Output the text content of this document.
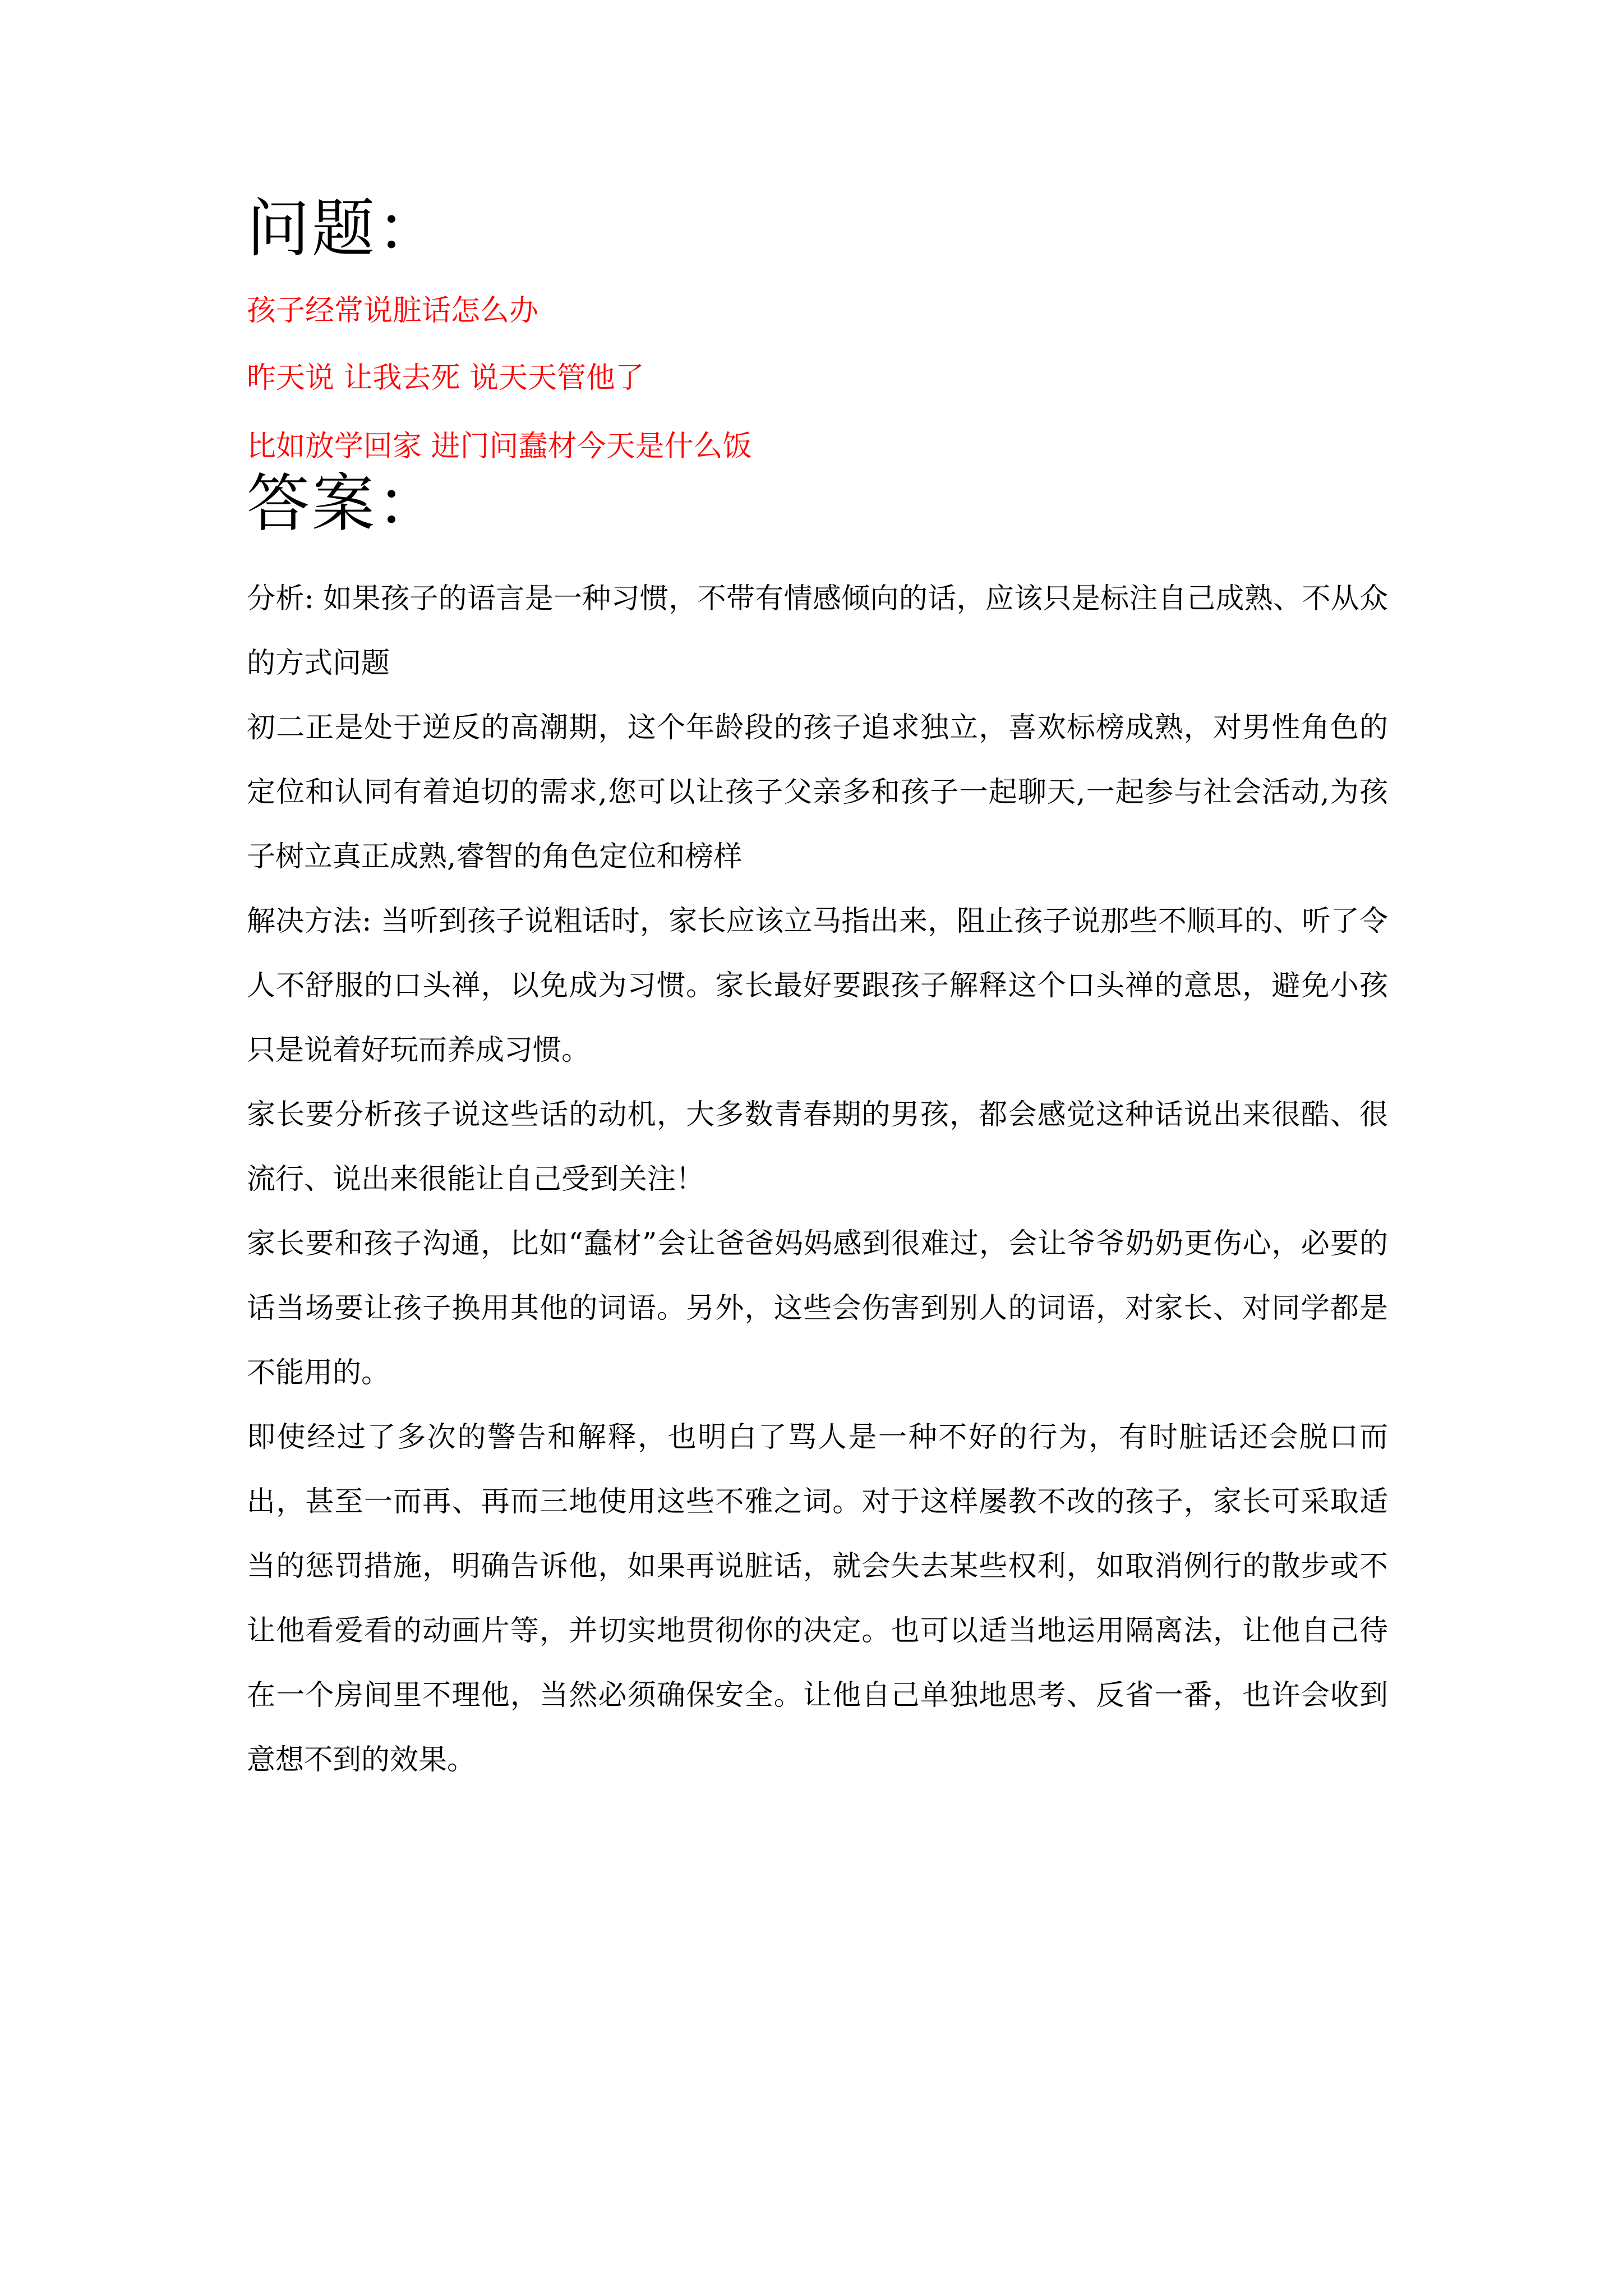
问题：
孩子经常说脏话怎么办
昨天说 让我去死 说天天管他了
比如放学回家 进门问蠢材今天是什么饭
答案：

分析: 如果孩子的语言是一种习惯，不带有情感倾向的话，应该只是标注自己成熟、不从众的方式问题

初二正是处于逆反的高潮期，这个年龄段的孩子追求独立，喜欢标榜成熟，对男性角色的定位和认同有着迫切的需求,您可以让孩子父亲多和孩子一起聊天,一起参与社会活动,为孩子树立真正成熟,睿智的角色定位和榜样

解决方法: 当听到孩子说粗话时，家长应该立马指出来，阻止孩子说那些不顺耳的、听了令人不舒服的口头禅，以免成为习惯。家长最好要跟孩子解释这个口头禅的意思，避免小孩只是说着好玩而养成习惯。

家长要分析孩子说这些话的动机，大多数青春期的男孩，都会感觉这种话说出来很酷、很流行、说出来很能让自己受到关注！

家长要和孩子沟通，比如“蠢材”会让爸爸妈妈感到很难过，会让爷爷奶奶更伤心，必要的话当场要让孩子换用其他的词语。另外，这些会伤害到别人的词语，对家长、对同学都是不能用的。

即使经过了多次的警告和解释，也明白了骂人是一种不好的行为，有时脏话还会脱口而出，甚至一而再、再而三地使用这些不雅之词。对于这样屡教不改的孩子，家长可采取适当的惩罚措施，明确告诉他，如果再说脏话，就会失去某些权利，如取消例行的散步或不让他看爱看的动画片等，并切实地贯彻你的决定。也可以适当地运用隔离法，让他自己待在一个房间里不理他，当然必须确保安全。让他自己单独地思考、反省一番，也许会收到意想不到的效果。
